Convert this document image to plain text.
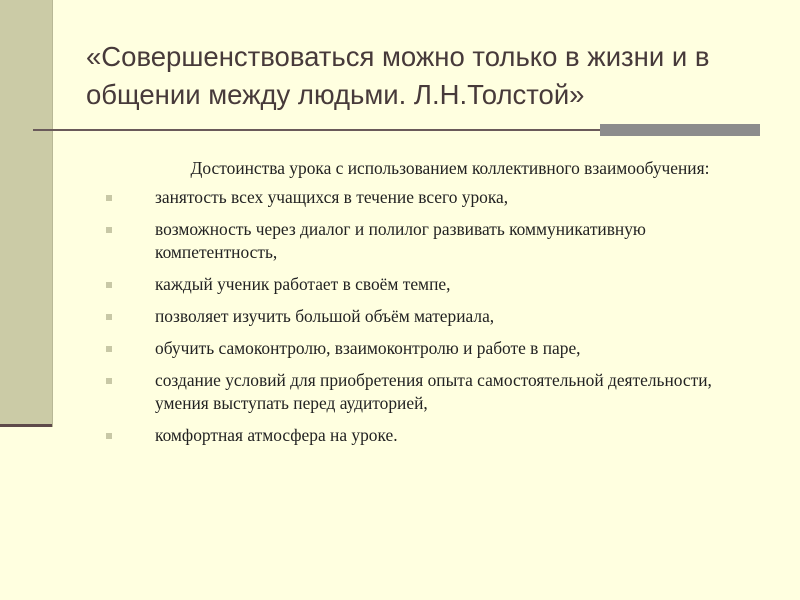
«Совершенствоваться можно только в жизни и в общении между людьми. Л.Н.Толстой»

Достоинства урока с использованием коллективного взаимообучения:

занятость всех учащихся в течение всего урока,
возможность через диалог и полилог развивать коммуникативную компетентность,
каждый ученик работает в своём темпе,
позволяет изучить большой объём материала,
обучить самоконтролю, взаимоконтролю и работе в паре,
создание условий для приобретения опыта самостоятельной деятельности, умения выступать перед аудиторией,
комфортная атмосфера на уроке.
